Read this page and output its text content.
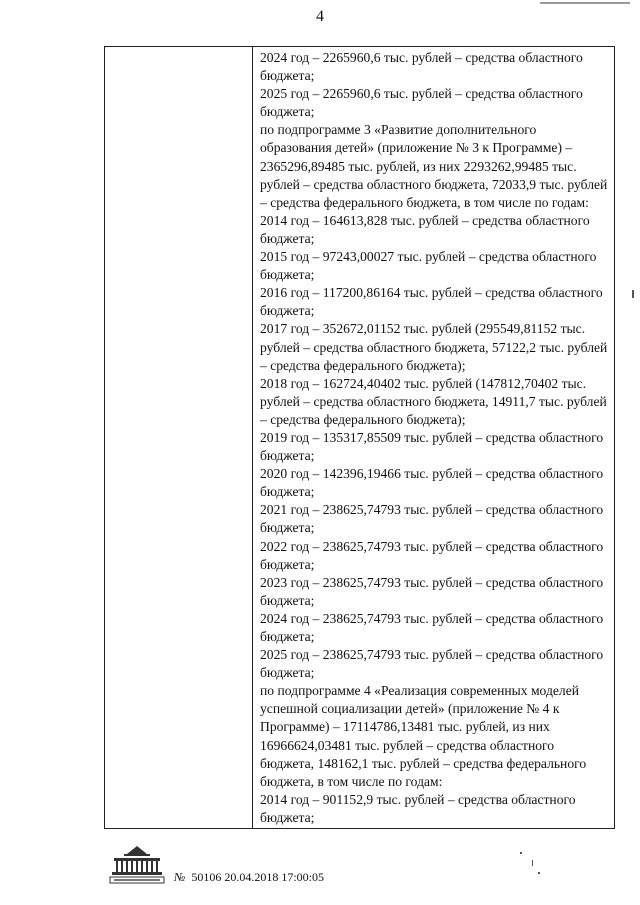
4

2024 год – 2265960,6 тыс. рублей – средства областного бюджета;

2025 год – 2265960,6 тыс. рублей – средства областного бюджета;

по подпрограмме 3 «Развитие дополнительного образования детей» (приложение № 3 к Программе) – 2365296,89485 тыс. рублей, из них 2293262,99485 тыс. рублей – средства областного бюджета, 72033,9 тыс. рублей – средства федерального бюджета, в том числе по годам:

2014 год – 164613,828 тыс. рублей – средства областного бюджета;

2015 год – 97243,00027 тыс. рублей – средства областного бюджета;

2016 год – 117200,86164 тыс. рублей – средства областного бюджета;

2017 год – 352672,01152 тыс. рублей (295549,81152 тыс. рублей – средства областного бюджета, 57122,2 тыс. рублей – средства федерального бюджета);

2018 год – 162724,40402 тыс. рублей (147812,70402 тыс. рублей – средства областного бюджета, 14911,7 тыс. рублей – средства федерального бюджета);

2019 год – 135317,85509 тыс. рублей – средства областного бюджета;

2020 год – 142396,19466 тыс. рублей – средства областного бюджета;

2021 год – 238625,74793 тыс. рублей – средства областного бюджета;

2022 год – 238625,74793 тыс. рублей – средства областного бюджета;

2023 год – 238625,74793 тыс. рублей – средства областного бюджета;

2024 год – 238625,74793 тыс. рублей – средства областного бюджета;

2025 год – 238625,74793 тыс. рублей – средства областного бюджета;

по подпрограмме 4 «Реализация современных моделей успешной социализации детей» (приложение № 4 к Программе) – 17114786,13481 тыс. рублей, из них 16966624,03481 тыс. рублей – средства областного бюджета, 148162,1 тыс. рублей – средства федерального бюджета, в том числе по годам:

2014 год – 901152,9 тыс. рублей – средства областного бюджета;

№ 50106 20.04.2018 17:00:05
